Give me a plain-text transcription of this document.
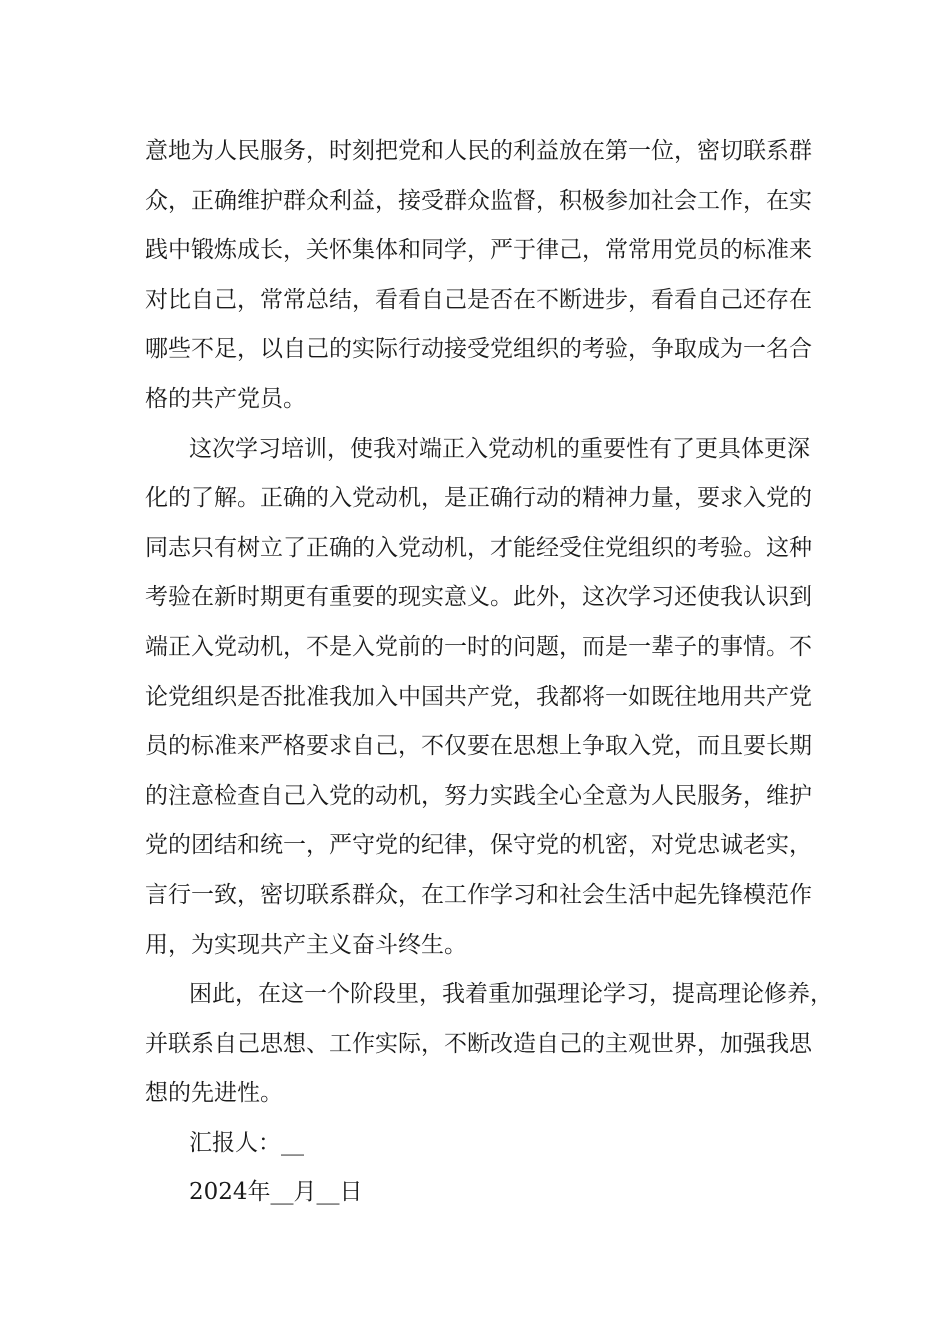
意地为人民服务，时刻把党和人民的利益放在第一位，密切联系群
众，正确维护群众利益，接受群众监督，积极参加社会工作，在实
践中锻炼成长，关怀集体和同学，严于律己，常常用党员的标准来
对比自己，常常总结，看看自己是否在不断进步，看看自己还存在
哪些不足，以自己的实际行动接受党组织的考验，争取成为一名合
格的共产党员。
这次学习培训，使我对端正入党动机的重要性有了更具体更深
化的了解。正确的入党动机，是正确行动的精神力量，要求入党的
同志只有树立了正确的入党动机，才能经受住党组织的考验。这种
考验在新时期更有重要的现实意义。此外，这次学习还使我认识到
端正入党动机，不是入党前的一时的问题，而是一辈子的事情。不
论党组织是否批准我加入中国共产党，我都将一如既往地用共产党
员的标准来严格要求自己，不仅要在思想上争取入党，而且要长期
的注意检查自己入党的动机，努力实践全心全意为人民服务，维护
党的团结和统一，严守党的纪律，保守党的机密，对党忠诚老实，
言行一致，密切联系群众，在工作学习和社会生活中起先锋模范作
用，为实现共产主义奋斗终生。
困此，在这一个阶段里，我着重加强理论学习，提高理论修养，
并联系自己思想、工作实际，不断改造自己的主观世界，加强我思
想的先进性。
汇报人：__
2024年__月__日
